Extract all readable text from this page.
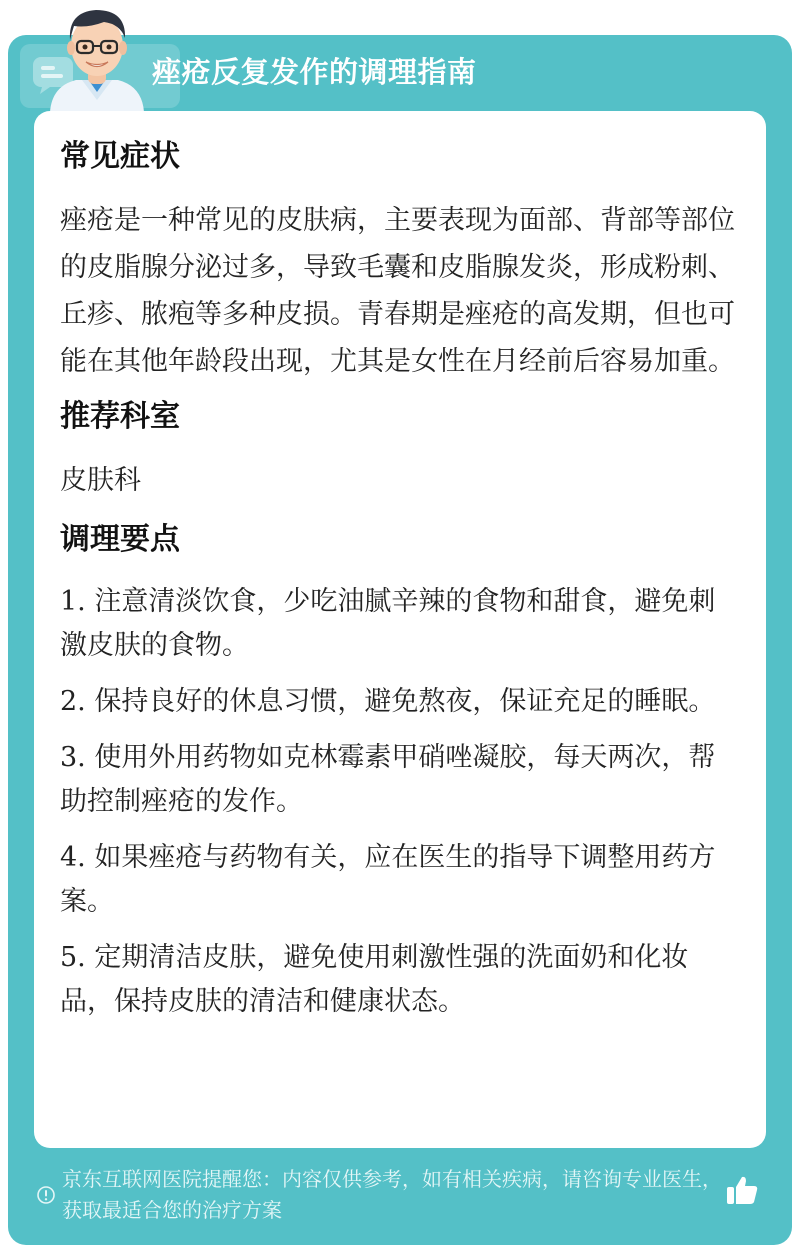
痤疮反复发作的调理指南
常见症状

痤疮是一种常见的皮肤病，主要表现为面部、背部等部位的皮脂腺分泌过多，导致毛囊和皮脂腺发炎，形成粉刺、丘疹、脓疱等多种皮损。青春期是痤疮的高发期，但也可能在其他年龄段出现，尤其是女性在月经前后容易加重。

推荐科室

皮肤科

调理要点

1. 注意清淡饮食，少吃油腻辛辣的食物和甜食，避免刺激皮肤的食物。

2. 保持良好的休息习惯，避免熬夜，保证充足的睡眠。

3. 使用外用药物如克林霉素甲硝唑凝胶，每天两次，帮助控制痤疮的发作。

4. 如果痤疮与药物有关，应在医生的指导下调整用药方案。

5. 定期清洁皮肤，避免使用刺激性强的洗面奶和化妆品，保持皮肤的清洁和健康状态。

京东互联网医院提醒您：内容仅供参考，如有相关疾病，请咨询专业医生，获取最适合您的治疗方案
